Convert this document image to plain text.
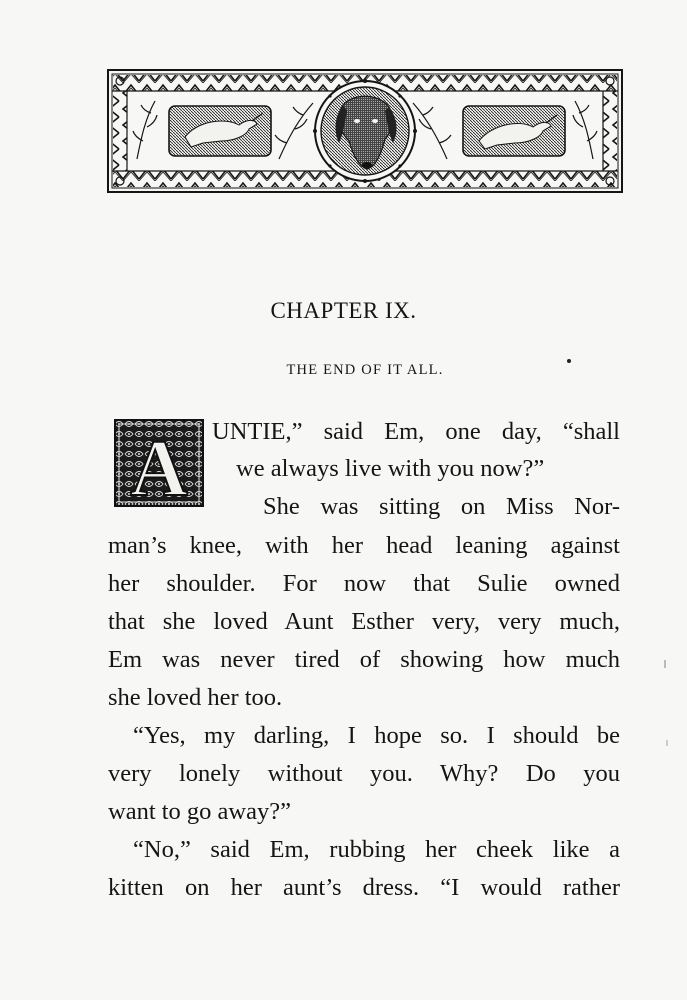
CHAPTER IX.
THE END OF IT ALL.
A UNTIE,” said Em, one day, “shall
we always live with you now?”
She was sitting on Miss Nor-
man’s knee, with her head leaning against
her shoulder. For now that Sulie owned
that she loved Aunt Esther very, very much,
Em was never tired of showing how much
she loved her too.
“Yes, my darling, I hope so. I should be
very lonely without you. Why? Do you
want to go away?”
“No,” said Em, rubbing her cheek like a
kitten on her aunt’s dress. “I would rather
